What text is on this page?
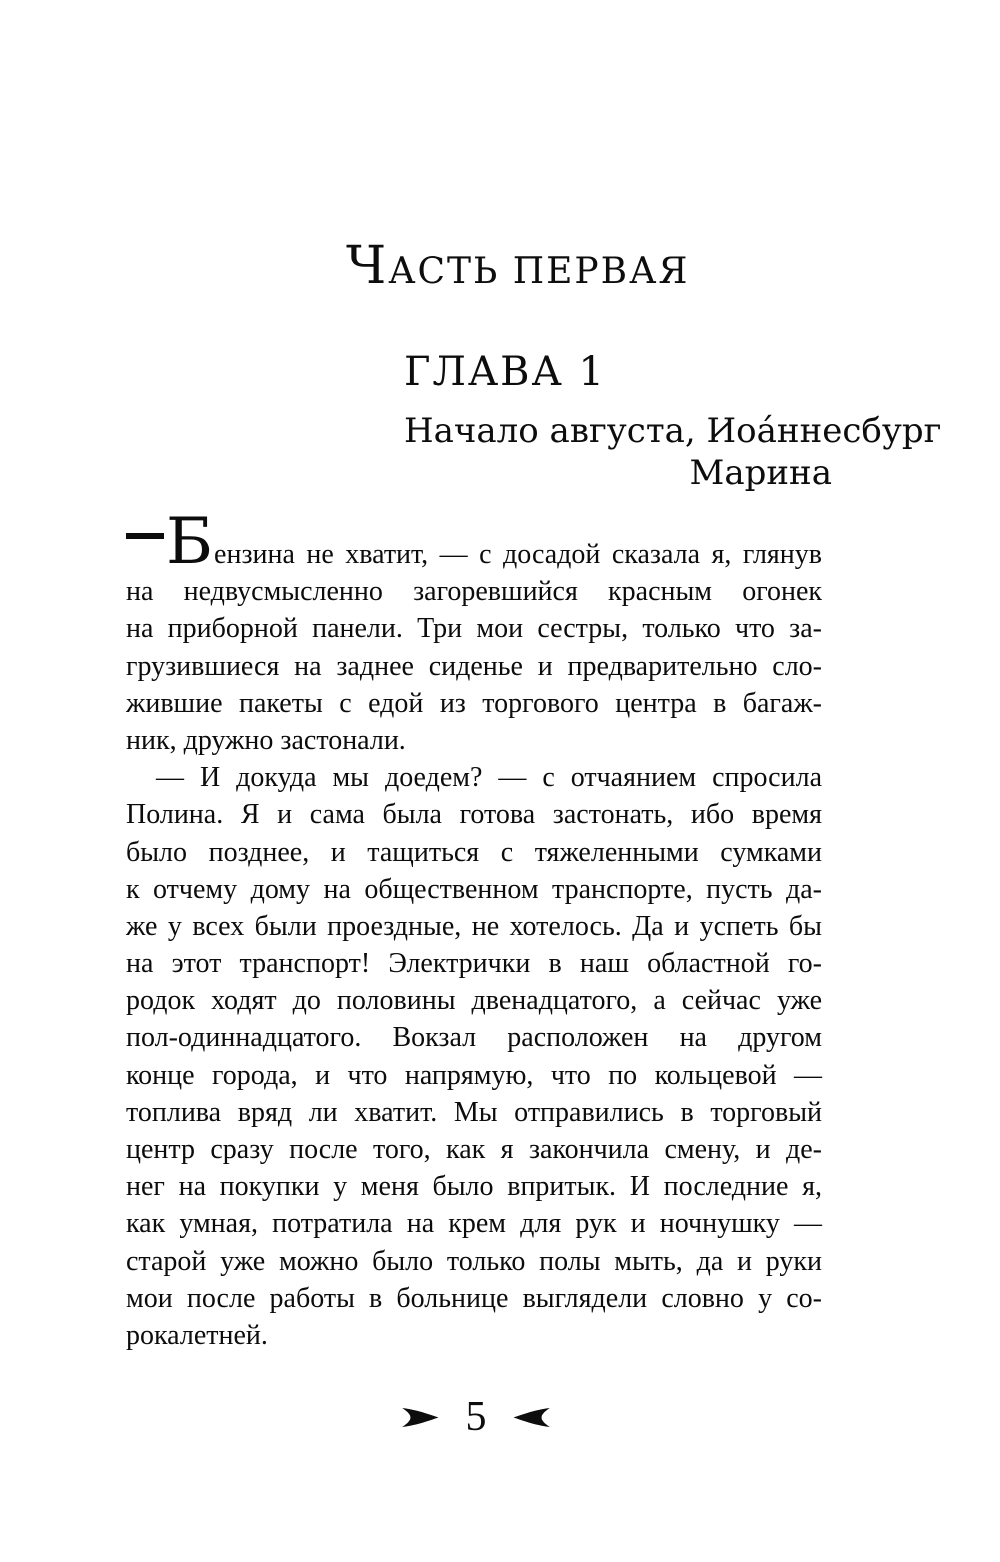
ЧАСТЬ ПЕРВАЯ
ГЛАВА 1
Начало августа, Иоа́ннесбург
Марина
Бензина не хватит, — с досадой сказала я, глянув
на недвусмысленно загоревшийся красным огонек
на приборной панели. Три мои сестры, только что за-
грузившиеся на заднее сиденье и предварительно сло-
жившие пакеты с едой из торгового центра в багаж-
ник, дружно застонали.
— И докуда мы доедем? — с отчаянием спросила
Полина. Я и сама была готова застонать, ибо время
было позднее, и тащиться с тяжеленными сумками
к отчему дому на общественном транспорте, пусть да-
же у всех были проездные, не хотелось. Да и успеть бы
на этот транспорт! Электрички в наш областной го-
родок ходят до половины двенадцатого, а сейчас уже
пол-одиннадцатого. Вокзал расположен на другом
конце города, и что напрямую, что по кольцевой —
топлива вряд ли хватит. Мы отправились в торговый
центр сразу после того, как я закончила смену, и де-
нег на покупки у меня было впритык. И последние я,
как умная, потратила на крем для рук и ночнушку —
старой уже можно было только полы мыть, да и руки
мои после работы в больнице выглядели словно у со-
рокалетней.
5
